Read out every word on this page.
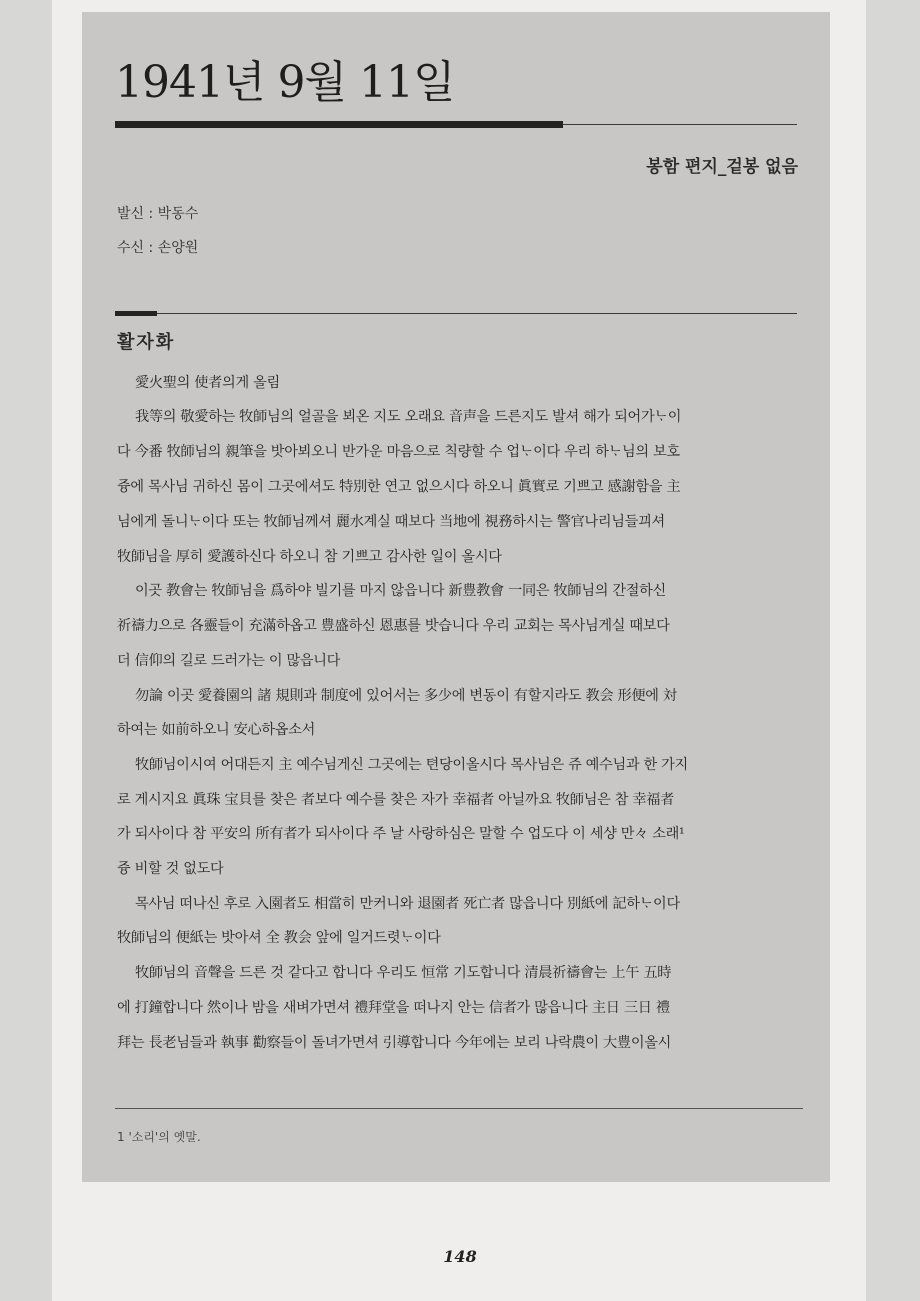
1941년 9월 11일
봉함 편지_겉봉 없음
발신 : 박동수
수신 : 손양원
활자화
愛火聖의 使者의게 올림
我等의 敬愛하는 牧師님의 얼골을 뵈온 지도 오래요 音声을 드른지도 발셔 해가 되어가ᄂᆞ이
다 今番 牧師님의 親筆을 밧아뵈오니 반가운 마음으로 칙량할 수 업ᄂᆞ이다 우리 하ᄂᆞ님의 보호
즁에 목사님 귀하신 몸이 그곳에셔도 特別한 연고 없으시다 하오니 眞實로 기쁘고 感謝함을 主
님에게 돌니ᄂᆞ이다 또는 牧師님께셔 麗水계실 때보다 当地에 視務하시는 警官나리님들끠셔
牧師님을 厚히 愛護하신다 하오니 참 기쁘고 감사한 일이 올시다
이곳 教會는 牧師님을 爲하야 빌기를 마지 않읍니다 新豊教會 一同은 牧師님의 간절하신
祈禱力으로 各靈들이 充滿하옵고 豊盛하신 恩惠를 밧습니다 우리 교회는 목사님게실 때보다
더 信仰의 길로 드러가는 이 많읍니다
勿論 이곳 愛養園의 諸 規則과 制度에 있어서는 多少에 변동이 有할지라도 教会 形便에 対
하여는 如前하오니 安心하옵소서
牧師님이시여 어대든지 主 예수님게신 그곳에는 텬당이올시다 목사님은 쥬 예수님과 한 가지
로 게시지요 眞珠 宝貝를 찾은 者보다 예수를 찾은 자가 幸福者 아닐까요 牧師님은 참 幸福者
가 되사이다 참 平安의 所有者가 되사이다 주 날 사랑하심은 말할 수 업도다 이 세샹 만々 소래¹
즁 비할 것 없도다
목사님 떠나신 후로 入園者도 相當히 만커니와 退園者 死亡者 많읍니다 別紙에 記하ᄂᆞ이다
牧師님의 便紙는 밧아셔 全 教会 앞에 일거드렷ᄂᆞ이다
牧師님의 音聲을 드른 것 같다고 합니다 우리도 恒常 기도합니다 清晨祈禱會는 上午 五時
에 打鐘합니다 然이나 밤을 새벼가면셔 禮拜堂을 떠나지 안는 信者가 많읍니다 主日 三日 禮
拜는 長老님들과 執事 勸察들이 돌녀가면셔 引導합니다 今年에는 보리 나락農이 大豊이올시
1 '소리'의 옛말.
148
